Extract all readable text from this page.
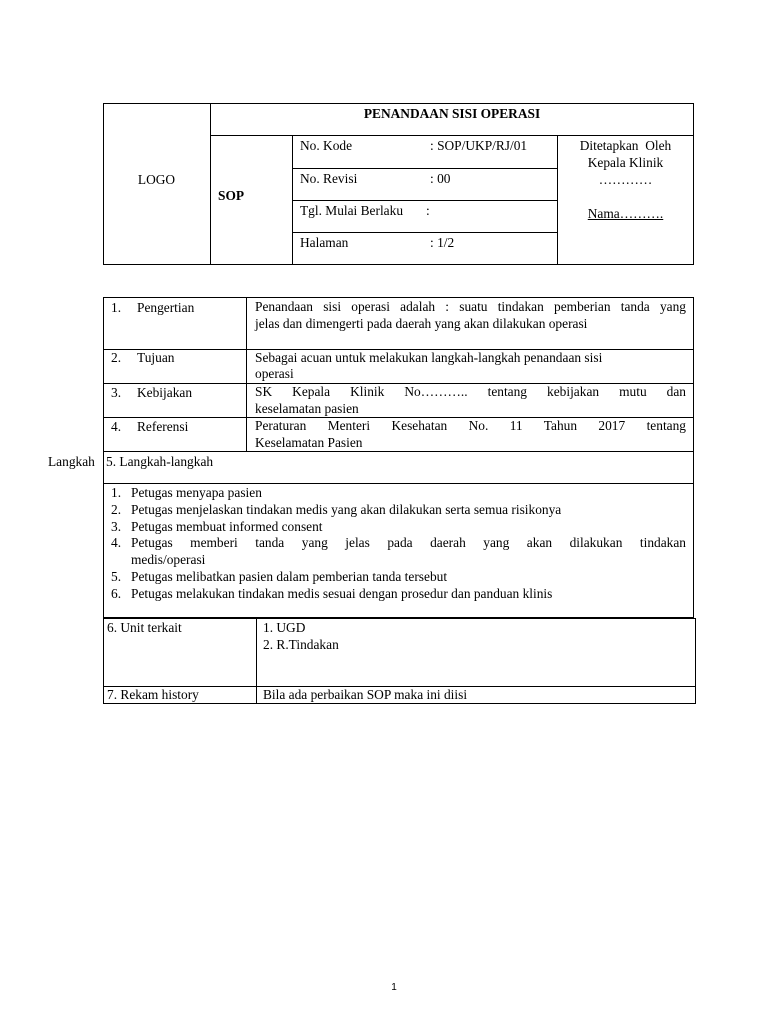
LOGO
PENANDAAN SISI OPERASI
SOP
No. Kode	: SOP/UKP/RJ/01
No. Revisi	: 00
Tgl. Mulai Berlaku :
Halaman	: 1/2
Ditetapkan  Oleh
Kepala Klinik
…………
Nama……….
1. Pengertian	Penandaan sisi operasi adalah : suatu tindakan pemberian tanda yang
jelas dan dimengerti pada daerah yang akan dilakukan operasi
2. Tujuan	Sebagai acuan untuk melakukan langkah-langkah penandaan sisi
operasi
3. Kebijakan	SK Kepala Klinik No……….. tentang kebijakan mutu dan
keselamatan pasien
4. Referensi	Peraturan Menteri Kesehatan No. 11 Tahun 2017 tentang
Keselamatan Pasien
Langkah 5. Langkah-langkah
1. Petugas menyapa pasien
2. Petugas menjelaskan tindakan medis yang akan dilakukan serta semua risikonya
3. Petugas membuat informed consent
4. Petugas memberi tanda yang jelas pada daerah yang akan dilakukan tindakan
medis/operasi
5. Petugas melibatkan pasien dalam pemberian tanda tersebut
6. Petugas melakukan tindakan medis sesuai dengan prosedur dan panduan klinis
6. Unit terkait	1. UGD
2. R.Tindakan
7. Rekam history	Bila ada perbaikan SOP maka ini diisi
1
